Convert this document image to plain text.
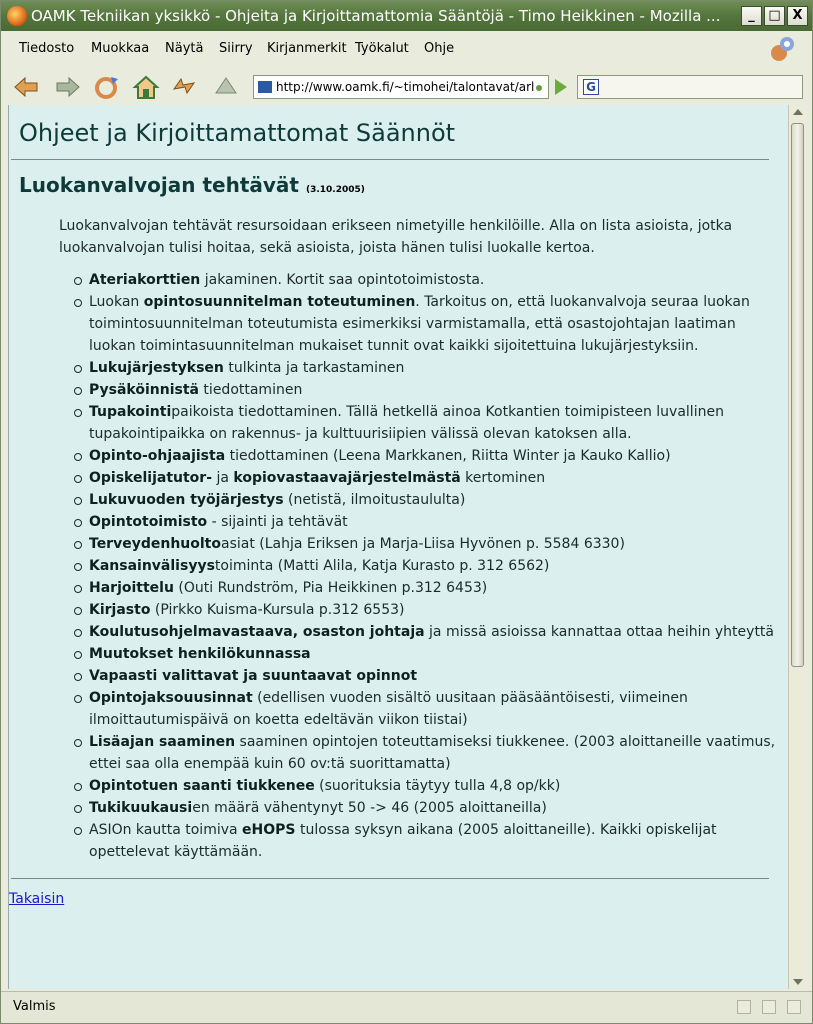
OAMK Tekniikan yksikkö - Ohjeita ja Kirjoittamattomia Sääntöjä - Timo Heikkinen - Mozilla ...	_	□ X
Tiedosto Muokkaa Näytä Siirry Kirjanmerkit Työkalut Ohje
http://www.oamk.fi/~timohei/talontavat/arl	G
Ohjeet ja Kirjoittamattomat Säännöt
Luokanvalvojan tehtävät (3.10.2005)

Luokanvalvojan tehtävät resursoidaan erikseen nimetyille henkilöille. Alla on lista asioista, jotka luokanvalvojan tulisi hoitaa, sekä asioista, joista hänen tulisi luokalle kertoa.

Ateriakorttien jakaminen. Kortit saa opintotoimistosta.
Luokan opintosuunnitelman toteutuminen. Tarkoitus on, että luokanvalvoja seuraa luokan toimintosuunnitelman toteutumista esimerkiksi varmistamalla, että osastojohtajan laatiman luokan toimintasuunnitelman mukaiset tunnit ovat kaikki sijoitettuina lukujärjestyksiin.
Lukujärjestyksen tulkinta ja tarkastaminen
Pysäköinnistä tiedottaminen
Tupakointipaikoista tiedottaminen. Tällä hetkellä ainoa Kotkantien toimipisteen luvallinen tupakointipaikka on rakennus- ja kulttuurisiipien välissä olevan katoksen alla.
Opinto-ohjaajista tiedottaminen (Leena Markkanen, Riitta Winter ja Kauko Kallio)
Opiskelijatutor- ja kopiovastaavajärjestelmästä kertominen
Lukuvuoden työjärjestys (netistä, ilmoitustaululta)
Opintotoimisto - sijainti ja tehtävät
Terveydenhuoltoasiat (Lahja Eriksen ja Marja-Liisa Hyvönen p. 5584 6330)
Kansainvälisyystoiminta (Matti Alila, Katja Kurasto p. 312 6562)
Harjoittelu (Outi Rundström, Pia Heikkinen p.312 6453)
Kirjasto (Pirkko Kuisma-Kursula p.312 6553)
Koulutusohjelmavastaava, osaston johtaja ja missä asioissa kannattaa ottaa heihin yhteyttä
Muutokset henkilökunnassa
Vapaasti valittavat ja suuntaavat opinnot
Opintojaksouusinnat (edellisen vuoden sisältö uusitaan pääsääntöisesti, viimeinen ilmoittautumispäivä on koetta edeltävän viikon tiistai)
Lisäajan saaminen saaminen opintojen toteuttamiseksi tiukkenee. (2003 aloittaneille vaatimus, ettei saa olla enempää kuin 60 ov:tä suorittamatta)
Opintotuen saanti tiukkenee (suorituksia täytyy tulla 4,8 op/kk)
Tukikuukausien määrä vähentynyt 50 -> 46 (2005 aloittaneilla)
ASIOn kautta toimiva eHOPS tulossa syksyn aikana (2005 aloittaneille). Kaikki opiskelijat opettelevat käyttämään.
Takaisin
Valmis
